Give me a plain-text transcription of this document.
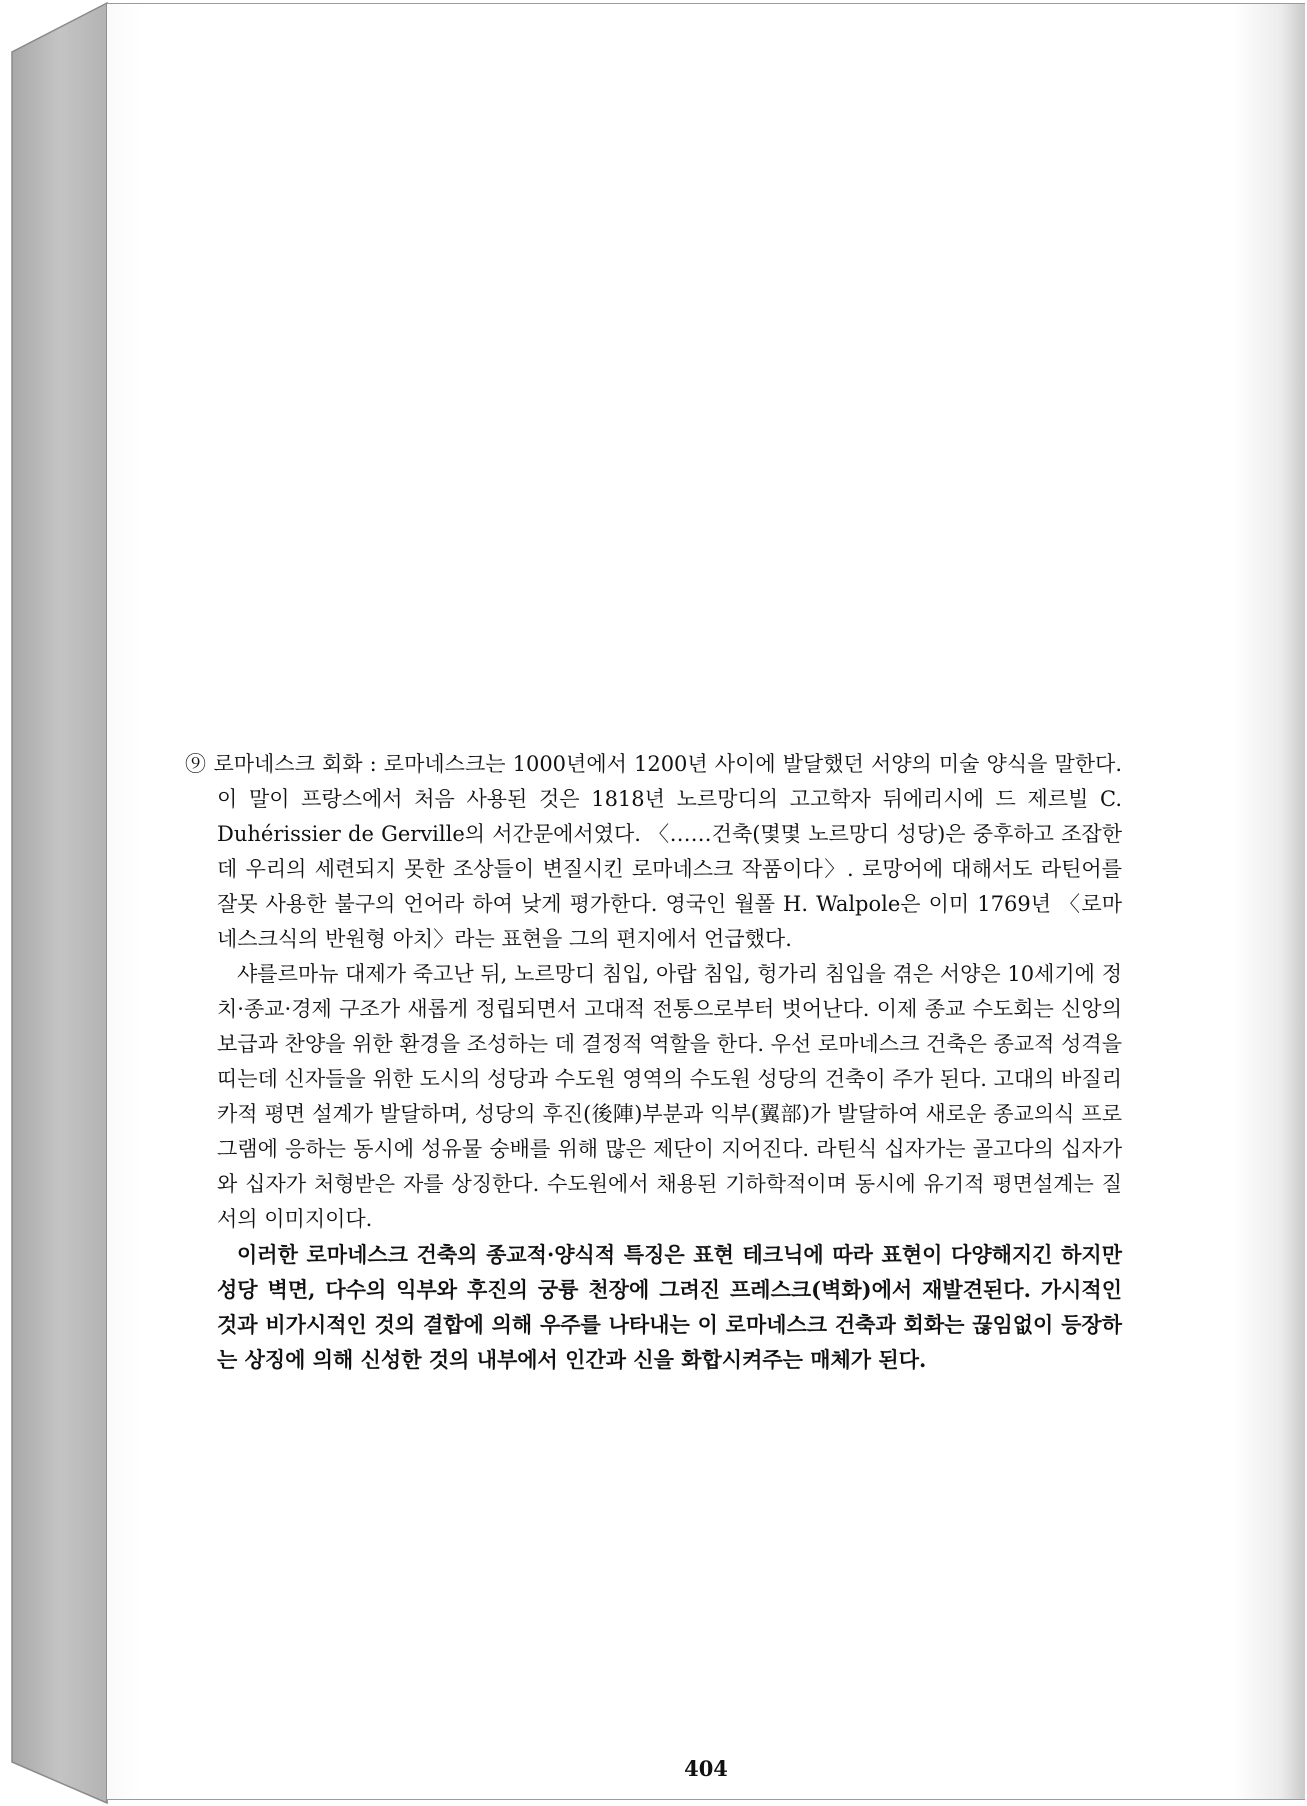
404

⑨ 로마네스크 회화 : 로마네스크는 1000년에서 1200년 사이에 발달했던 서양의 미술 양식을 말한다. 이 말이 프랑스에서 처음 사용된 것은 1818년 노르망디의 고고학자 뒤에리시에 드 제르빌 C. Duhérissier de Gerville의 서간문에서였다. 〈……건축(몇몇 노르망디 성당)은 중후하고 조잡한데 우리의 세련되지 못한 조상들이 변질시킨 로마네스크 작품이다〉. 로망어에 대해서도 라틴어를 잘못 사용한 불구의 언어라 하여 낮게 평가한다. 영국인 월폴 H. Walpole은 이미 1769년 〈로마네스크식의 반원형 아치〉라는 표현을 그의 편지에서 언급했다.

샤를르마뉴 대제가 죽고난 뒤, 노르망디 침입, 아랍 침입, 헝가리 침입을 겪은 서양은 10세기에 정치·종교·경제 구조가 새롭게 정립되면서 고대적 전통으로부터 벗어난다. 이제 종교 수도회는 신앙의 보급과 찬양을 위한 환경을 조성하는 데 결정적 역할을 한다. 우선 로마네스크 건축은 종교적 성격을 띠는데 신자들을 위한 도시의 성당과 수도원 영역의 수도원 성당의 건축이 주가 된다. 고대의 바질리카적 평면 설계가 발달하며, 성당의 후진(後陣)부분과 익부(翼部)가 발달하여 새로운 종교의식 프로그램에 응하는 동시에 성유물 숭배를 위해 많은 제단이 지어진다. 라틴식 십자가는 골고다의 십자가와 십자가 처형받은 자를 상징한다. 수도원에서 채용된 기하학적이며 동시에 유기적 평면설계는 질서의 이미지이다.

이러한 로마네스크 건축의 종교적·양식적 특징은 표현 테크닉에 따라 표현이 다양해지긴 하지만 성당 벽면, 다수의 익부와 후진의 궁륭 천장에 그려진 프레스크(벽화)에서 재발견된다. 가시적인 것과 비가시적인 것의 결합에 의해 우주를 나타내는 이 로마네스크 건축과 회화는 끊임없이 등장하는 상징에 의해 신성한 것의 내부에서 인간과 신을 화합시켜주는 매체가 된다.
